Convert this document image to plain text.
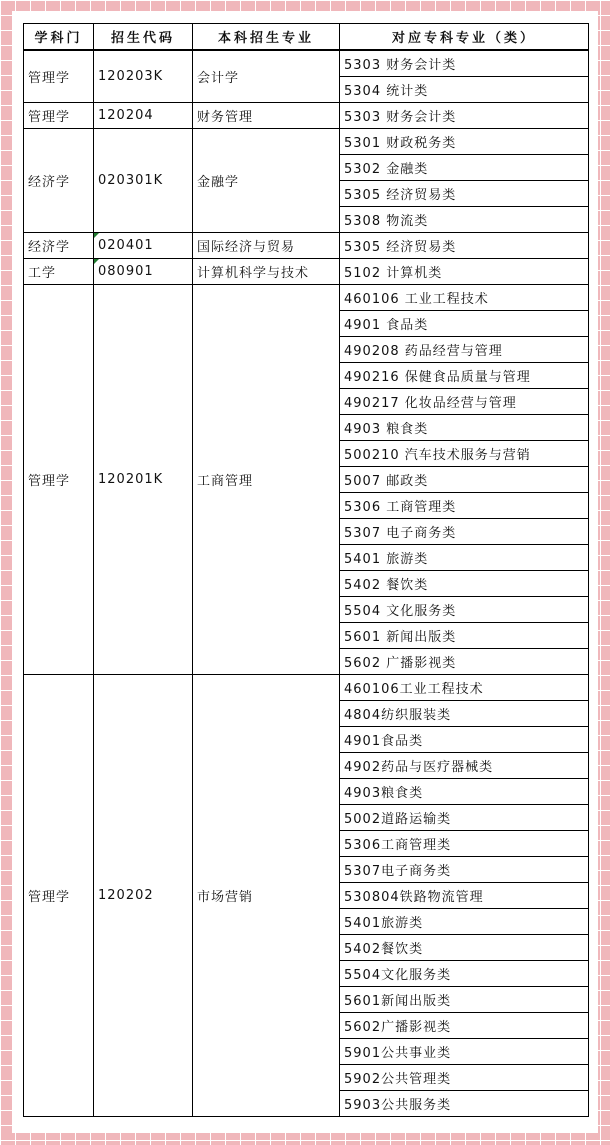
学科门	招生代码	本科招生专业	对应专科专业（类）
管理学	120203K	会计学	5303 财务会计类
			5304 统计类
管理学	120204	财务管理	5303 财务会计类
经济学	020301K	金融学	5301 财政税务类
			5302 金融类
			5305 经济贸易类
			5308 物流类
经济学	020401	国际经济与贸易	5305 经济贸易类
工学	080901	计算机科学与技术	5102 计算机类
管理学	120201K	工商管理	460106 工业工程技术
			4901 食品类
			490208 药品经营与管理
			490216 保健食品质量与管理
			490217 化妆品经营与管理
			4903 粮食类
			500210 汽车技术服务与营销
			5007 邮政类
			5306 工商管理类
			5307 电子商务类
			5401 旅游类
			5402 餐饮类
			5504 文化服务类
			5601 新闻出版类
			5602 广播影视类
管理学	120202	市场营销	460106工业工程技术
			4804纺织服装类
			4901食品类
			4902药品与医疗器械类
			4903粮食类
			5002道路运输类
			5306工商管理类
			5307电子商务类
			530804铁路物流管理
			5401旅游类
			5402餐饮类
			5504文化服务类
			5601新闻出版类
			5602广播影视类
			5901公共事业类
			5902公共管理类
			5903公共服务类
